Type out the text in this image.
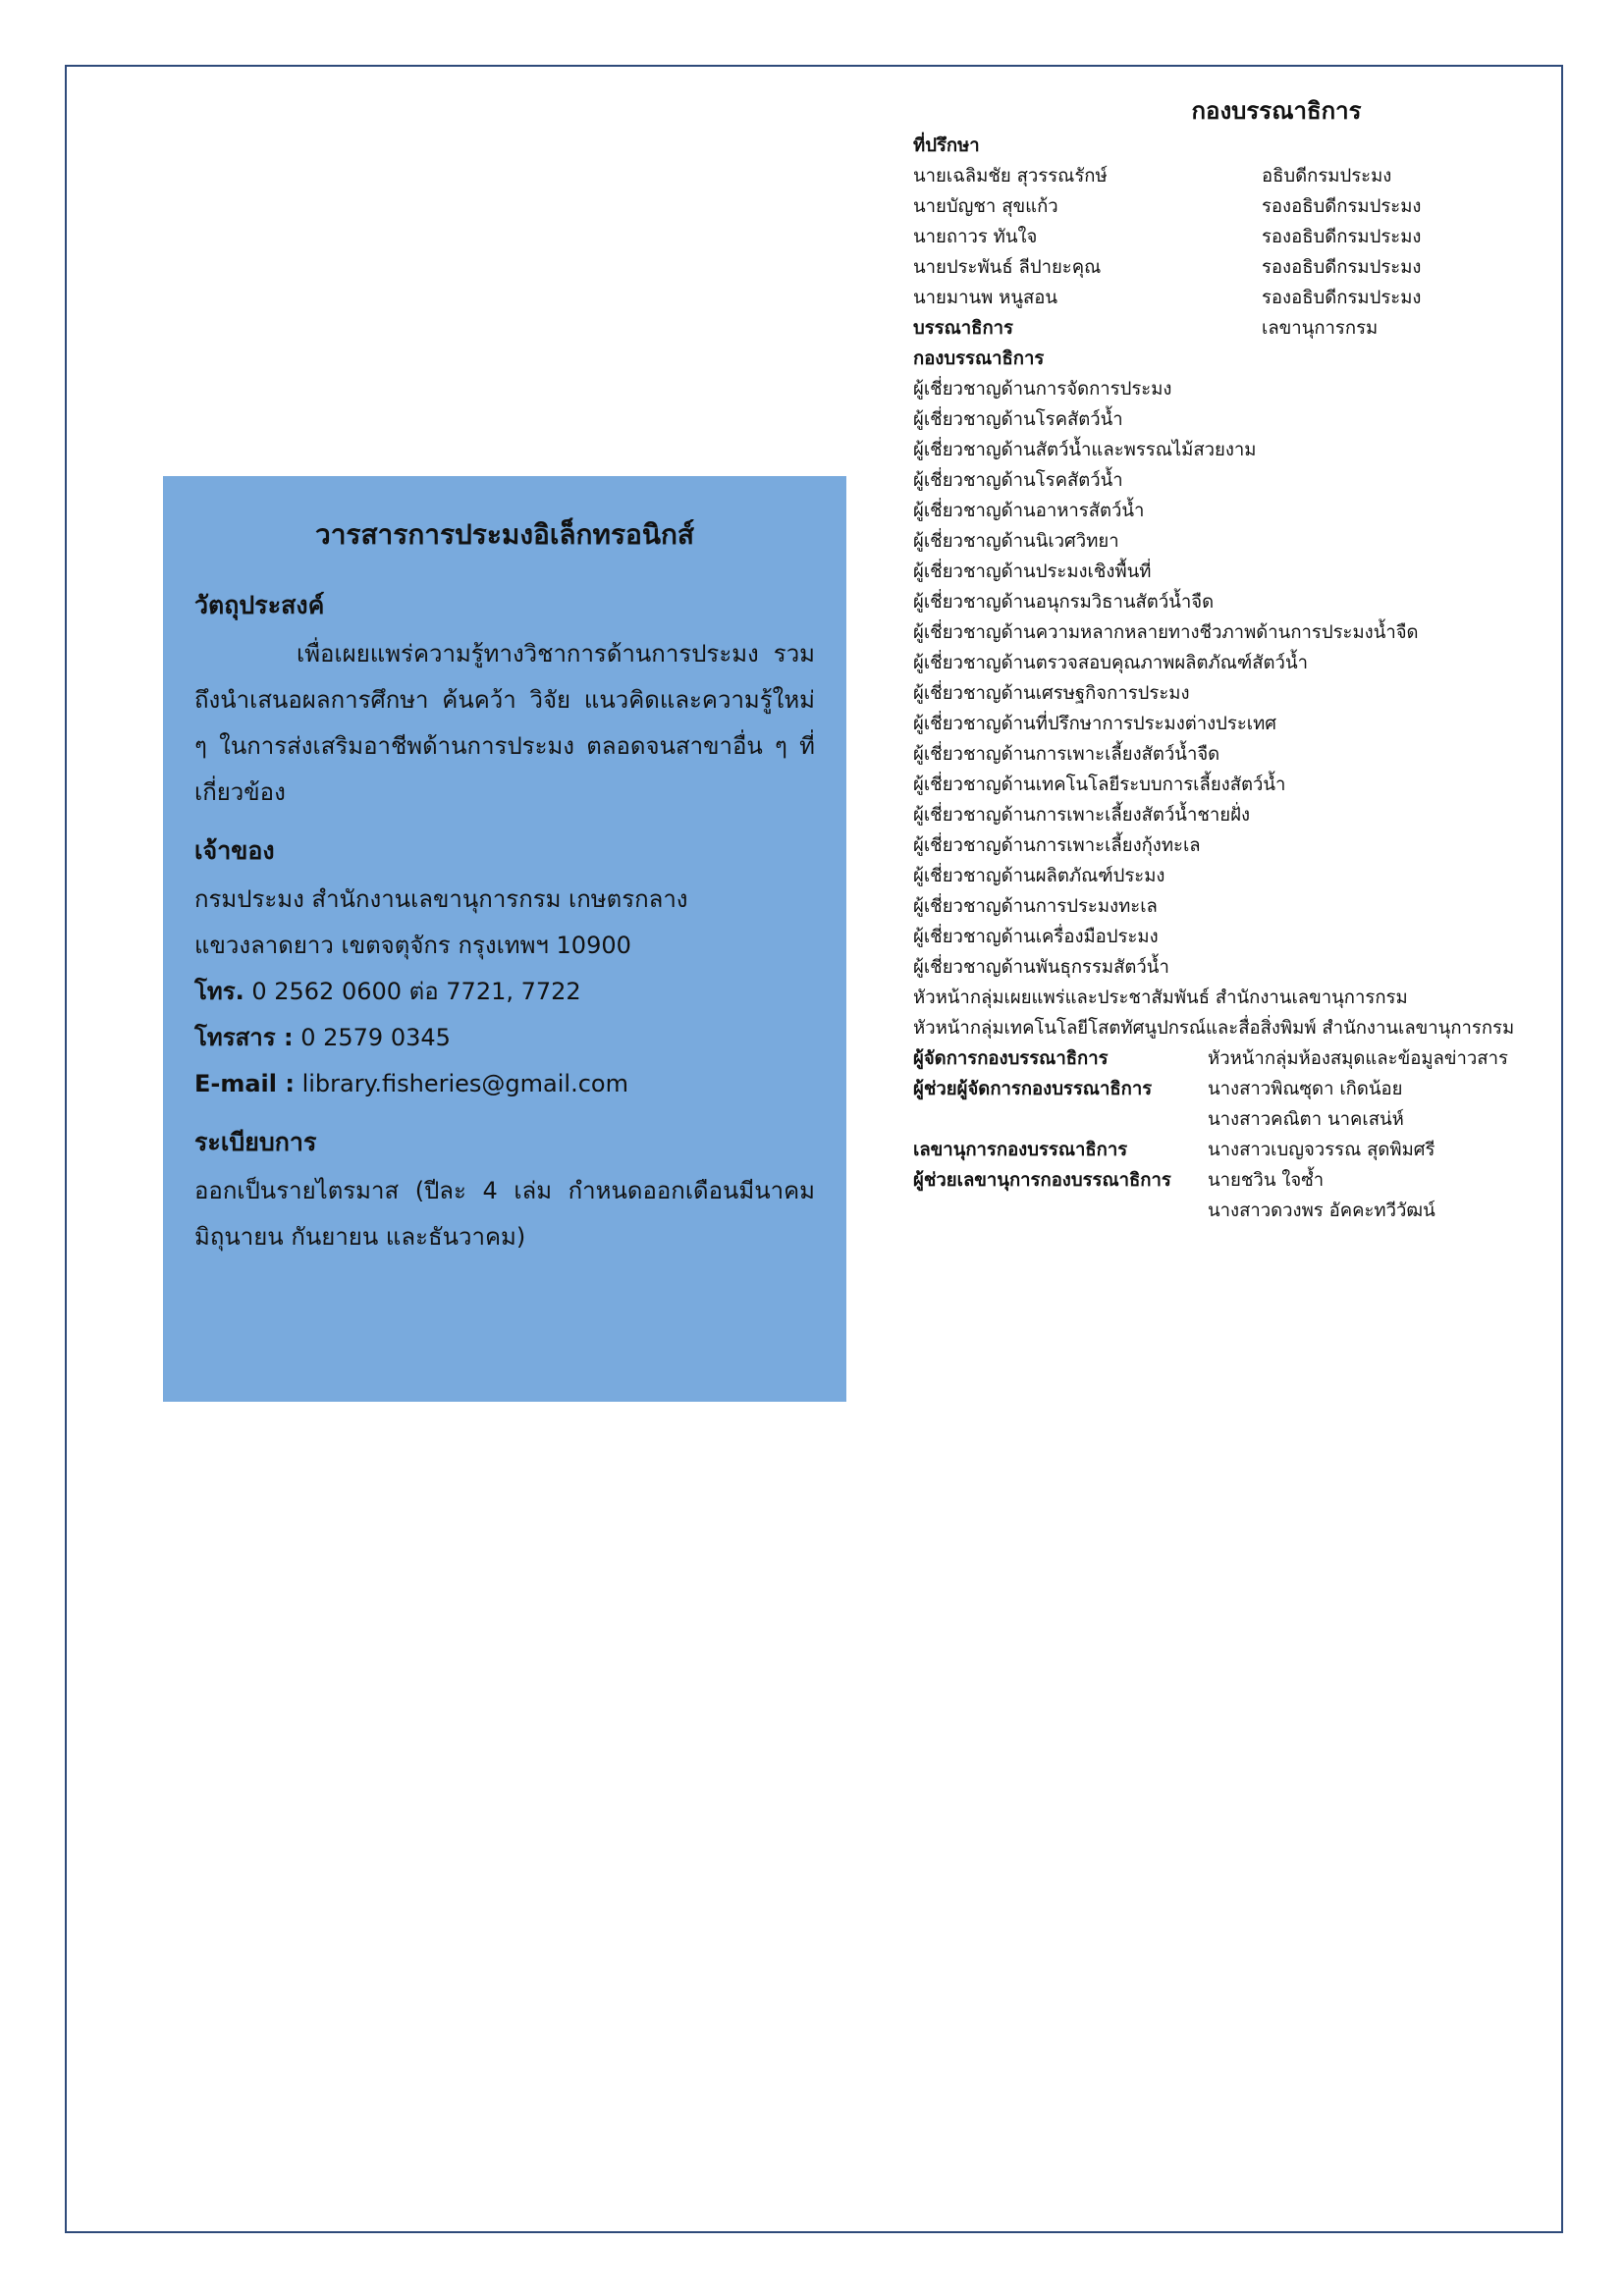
วารสารการประมงอิเล็กทรอนิกส์
วัตถุประสงค์

เพื่อเผยแพร่ความรู้ทางวิชาการด้านการประมง รวมถึงนำเสนอผลการศึกษา ค้นคว้า วิจัย แนวคิดและความรู้ใหม่ ๆ ในการส่งเสริมอาชีพด้านการประมง ตลอดจนสาขาอื่น ๆ ที่เกี่ยวข้อง

เจ้าของ

กรมประมง สำนักงานเลขานุการกรม เกษตรกลาง

แขวงลาดยาว เขตจตุจักร กรุงเทพฯ 10900

โทร. 0 2562 0600 ต่อ 7721, 7722

โทรสาร : 0 2579 0345

E-mail : library.fisheries@gmail.com

ระเบียบการ

ออกเป็นรายไตรมาส (ปีละ 4 เล่ม กำหนดออกเดือนมีนาคม มิถุนายน กันยายน และธันวาคม)

กองบรรณาธิการ
ที่ปรึกษา
นายเฉลิมชัย สุวรรณรักษ์	อธิบดีกรมประมง
นายบัญชา สุขแก้ว	รองอธิบดีกรมประมง
นายถาวร ทันใจ	รองอธิบดีกรมประมง
นายประพันธ์ ลีปายะคุณ	รองอธิบดีกรมประมง
นายมานพ หนูสอน	รองอธิบดีกรมประมง
บรรณาธิการ	เลขานุการกรม
กองบรรณาธิการ
ผู้เชี่ยวชาญด้านการจัดการประมง
ผู้เชี่ยวชาญด้านโรคสัตว์น้ำ
ผู้เชี่ยวชาญด้านสัตว์น้ำและพรรณไม้สวยงาม
ผู้เชี่ยวชาญด้านโรคสัตว์น้ำ
ผู้เชี่ยวชาญด้านอาหารสัตว์น้ำ
ผู้เชี่ยวชาญด้านนิเวศวิทยา
ผู้เชี่ยวชาญด้านประมงเชิงพื้นที่
ผู้เชี่ยวชาญด้านอนุกรมวิธานสัตว์น้ำจืด
ผู้เชี่ยวชาญด้านความหลากหลายทางชีวภาพด้านการประมงน้ำจืด
ผู้เชี่ยวชาญด้านตรวจสอบคุณภาพผลิตภัณฑ์สัตว์น้ำ
ผู้เชี่ยวชาญด้านเศรษฐกิจการประมง
ผู้เชี่ยวชาญด้านที่ปรึกษาการประมงต่างประเทศ
ผู้เชี่ยวชาญด้านการเพาะเลี้ยงสัตว์น้ำจืด
ผู้เชี่ยวชาญด้านเทคโนโลยีระบบการเลี้ยงสัตว์น้ำ
ผู้เชี่ยวชาญด้านการเพาะเลี้ยงสัตว์น้ำชายฝั่ง
ผู้เชี่ยวชาญด้านการเพาะเลี้ยงกุ้งทะเล
ผู้เชี่ยวชาญด้านผลิตภัณฑ์ประมง
ผู้เชี่ยวชาญด้านการประมงทะเล
ผู้เชี่ยวชาญด้านเครื่องมือประมง
ผู้เชี่ยวชาญด้านพันธุกรรมสัตว์น้ำ
หัวหน้ากลุ่มเผยแพร่และประชาสัมพันธ์ สำนักงานเลขานุการกรม
หัวหน้ากลุ่มเทคโนโลยีโสตทัศนูปกรณ์และสื่อสิ่งพิมพ์ สำนักงานเลขานุการกรม
ผู้จัดการกองบรรณาธิการ	หัวหน้ากลุ่มห้องสมุดและข้อมูลข่าวสาร
ผู้ช่วยผู้จัดการกองบรรณาธิการ	นางสาวพิณซุดา เกิดน้อย
นางสาวคณิตา นาคเสน่ห์
เลขานุการกองบรรณาธิการ	นางสาวเบญจวรรณ สุดพิมศรี
ผู้ช่วยเลขานุการกองบรรณาธิการ	นายชวิน ใจซ้ำ
นางสาวดวงพร อัคคะทวีวัฒน์
